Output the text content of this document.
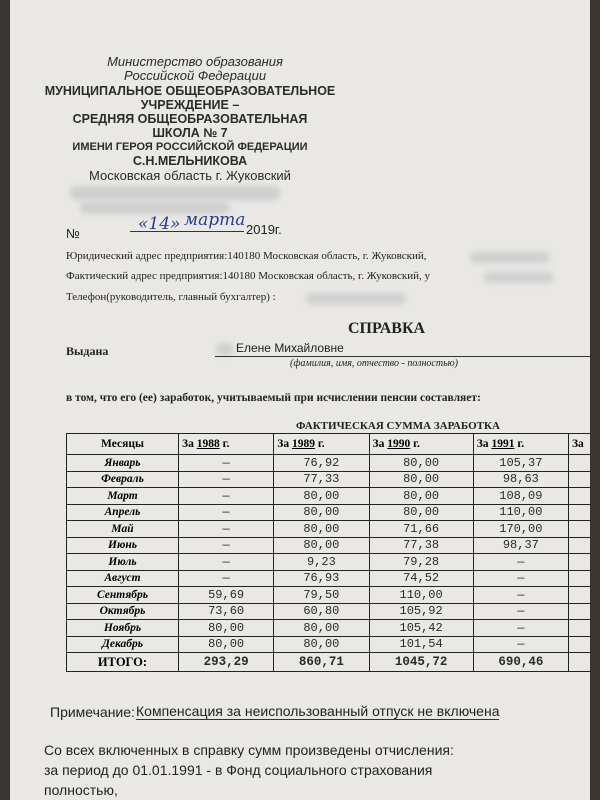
Министерство образования
Российской Федерации
МУНИЦИПАЛЬНОЕ ОБЩЕОБРАЗОВАТЕЛЬНОЕ
УЧРЕЖДЕНИЕ –
СРЕДНЯЯ ОБЩЕОБРАЗОВАТЕЛЬНАЯ
ШКОЛА № 7
ИМЕНИ ГЕРОЯ РОССИЙСКОЙ ФЕДЕРАЦИИ
С.Н.МЕЛЬНИКОВА
Московская область г. Жуковский
№	«14» марта 2019г.
Юридический адрес предприятия:140180 Московская область, г. Жуковский,
Фактический адрес предприятия:140180 Московская область, г. Жуковский, у
Телефон(руководитель, главный бухгалтер) :
СПРАВКА
Выдана	Елене Михайловне
(фамилия, имя, отчество - полностью)
в том, что его (ее) заработок, учитываемый при исчислении пенсии составляет:
ФАКТИЧЕСКАЯ СУММА ЗАРАБОТКА
Месяцы	За 1988 г.	За 1989 г.	За 1990 г.	За 1991 г.	За
Январь	—	76,92	80,00	105,37	
Февраль	—	77,33	80,00	98,63	
Март	—	80,00	80,00	108,09	
Апрель	—	80,00	80,00	110,00	
Май	—	80,00	71,66	170,00	
Июнь	—	80,00	77,38	98,37	
Июль	—	9,23	79,28	—	
Август	—	76,93	74,52	—	
Сентябрь	59,69	79,50	110,00	—	
Октябрь	73,60	60,80	105,92	—	
Ноябрь	80,00	80,00	105,42	—	
Декабрь	80,00	80,00	101,54	—	
ИТОГО:	293,29	860,71	1045,72	690,46	
Примечание: Компенсация за неиспользованный отпуск не включена
Со всех включенных в справку сумм произведены отчисления:
за период до 01.01.1991 - в Фонд социального страхования
полностью,
